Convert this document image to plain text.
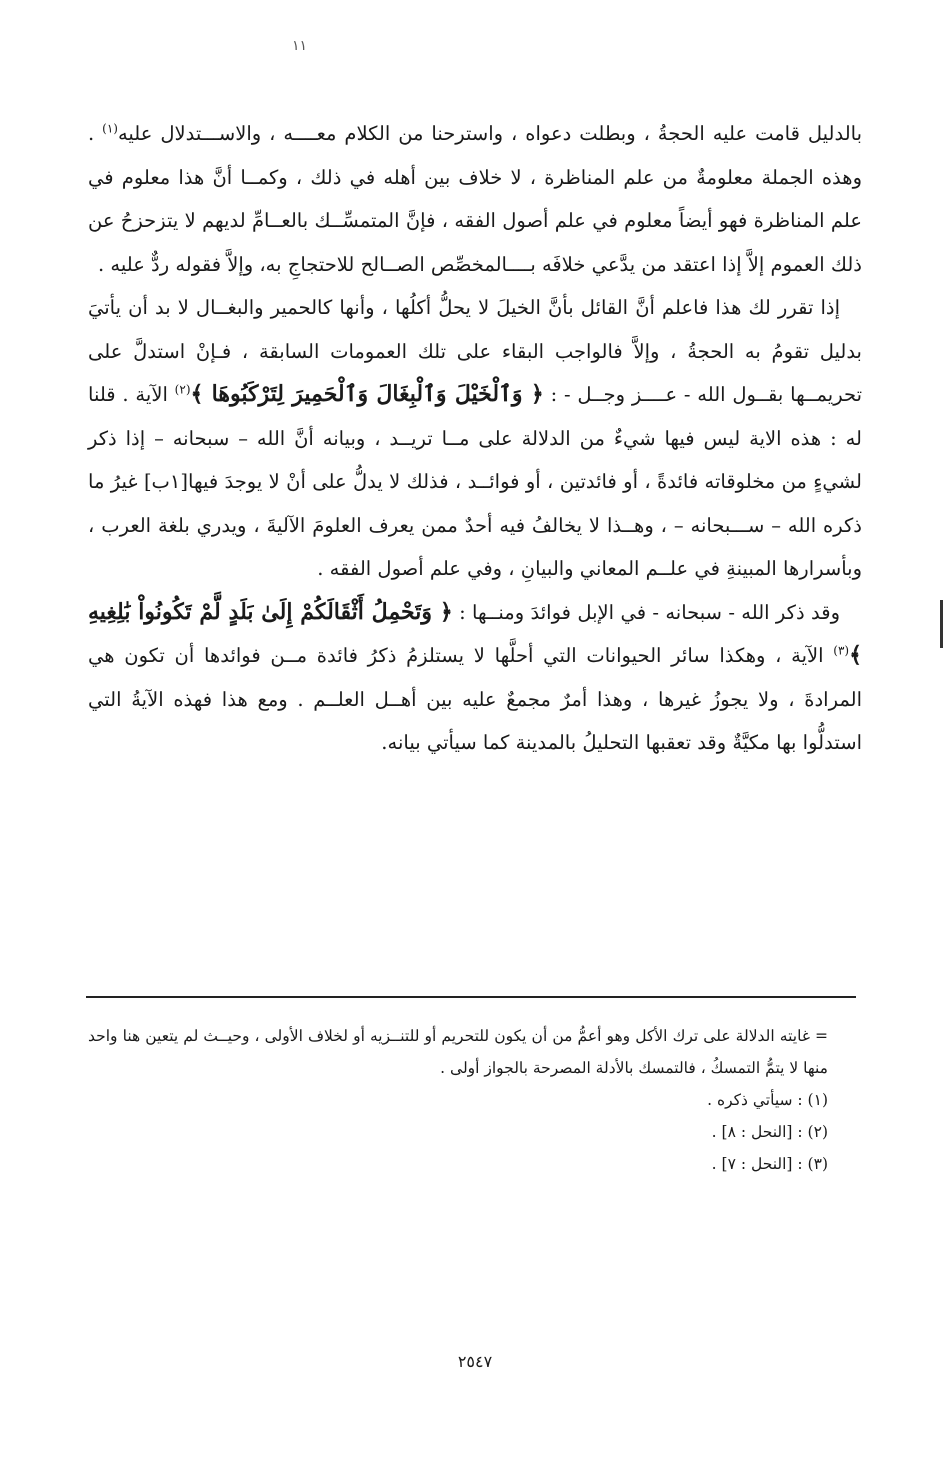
١١

بالدليل قامت عليه الحجةُ ، وبطلت دعواه ، واسترحنا من الكلام معــــه ، والاســـتدلال عليه$^{(١)}$ . وهذه الجملة معلومةٌ من علم المناظرة ، لا خلاف بين أهله في ذلك ، وكمــا أنَّ هذا معلوم في علم المناظرة فهو أيضاً معلوم في علم أصول الفقه ، فإنَّ المتمسِّــك بالعــامِّ لديهم لا يتزحزحُ عن ذلك العموم إلاَّ إذا اعتقد من يدَّعي خلافَه بــــالمخصِّص الصــالح للاحتجاجِ به، وإلاَّ فقوله ردٌّ عليه .

إذا تقرر لك هذا فاعلم أنَّ القائل بأنَّ الخيلَ لا يحلُّ أكلُها ، وأنها كالحمير والبغــال لا بد أن يأتيَ بدليل تقومُ به الحجةُ ، وإلاَّ فالواجب البقاء على تلك العمومات السابقة ، فـإنْ استدلَّ على تحريمــها بقــول الله - عــــز وجــل - : ﴿ وَٱلْخَيْلَ وَٱلْبِغَالَ وَٱلْحَمِيرَ لِتَرْكَبُوهَا ﴾$^{(٢)}$ الآية . قلنا له : هذه الاية ليس فيها شيءٌ من الدلالة على مــا تريــد ، وبيانه أنَّ الله – سبحانه – إذا ذكر لشيءٍ من مخلوقاته فائدةً ، أو فائدتين ، أو فوائــد ، فذلك لا يدلُّ على أنْ لا يوجدَ فيها[١ب] غيرُ ما ذكره الله – ســـبحانه – ، وهــذا لا يخالفُ فيه أحدٌ ممن يعرف العلومَ الآليةَ ، ويدري بلغة العرب ، وبأسرارها المبينةِ في علــم المعاني والبيانِ ، وفي علم أصول الفقه .

وقد ذكر الله - سبحانه - في الإبل فوائدَ ومنــها : ﴿ وَتَحْمِلُ أَثْقَالَكُمْ إِلَىٰ بَلَدٍ لَّمْ تَكُونُواْ بَٰلِغِيهِ ﴾$^{(٣)}$ الآية ، وهكذا سائر الحيوانات التي أحلَّها لا يستلزمُ ذكرُ فائدة مــن فوائدها أن تكون هي المرادةَ ، ولا يجوزُ غيرها ، وهذا أمرٌ مجمعٌ عليه بين أهــل العلــم . ومع هذا فهذه الآيةُ التي استدلُّوا بها مكيَّةٌ وقد تعقبها التحليلُ بالمدينة كما سيأتي بيانه.

= غايته الدلالة على ترك الأكل وهو أعمُّ من أن يكون للتحريم أو للتنــزيه أو لخلاف الأولى ، وحيــث لم يتعين هنا واحد منها لا يتمُّ التمسكُ ، فالتمسك بالأدلة المصرحة بالجواز أولى .

(١) : سيأتي ذكره .

(٢) : [النحل : ٨] .

(٣) : [النحل : ٧] .

٢٥٤٧
